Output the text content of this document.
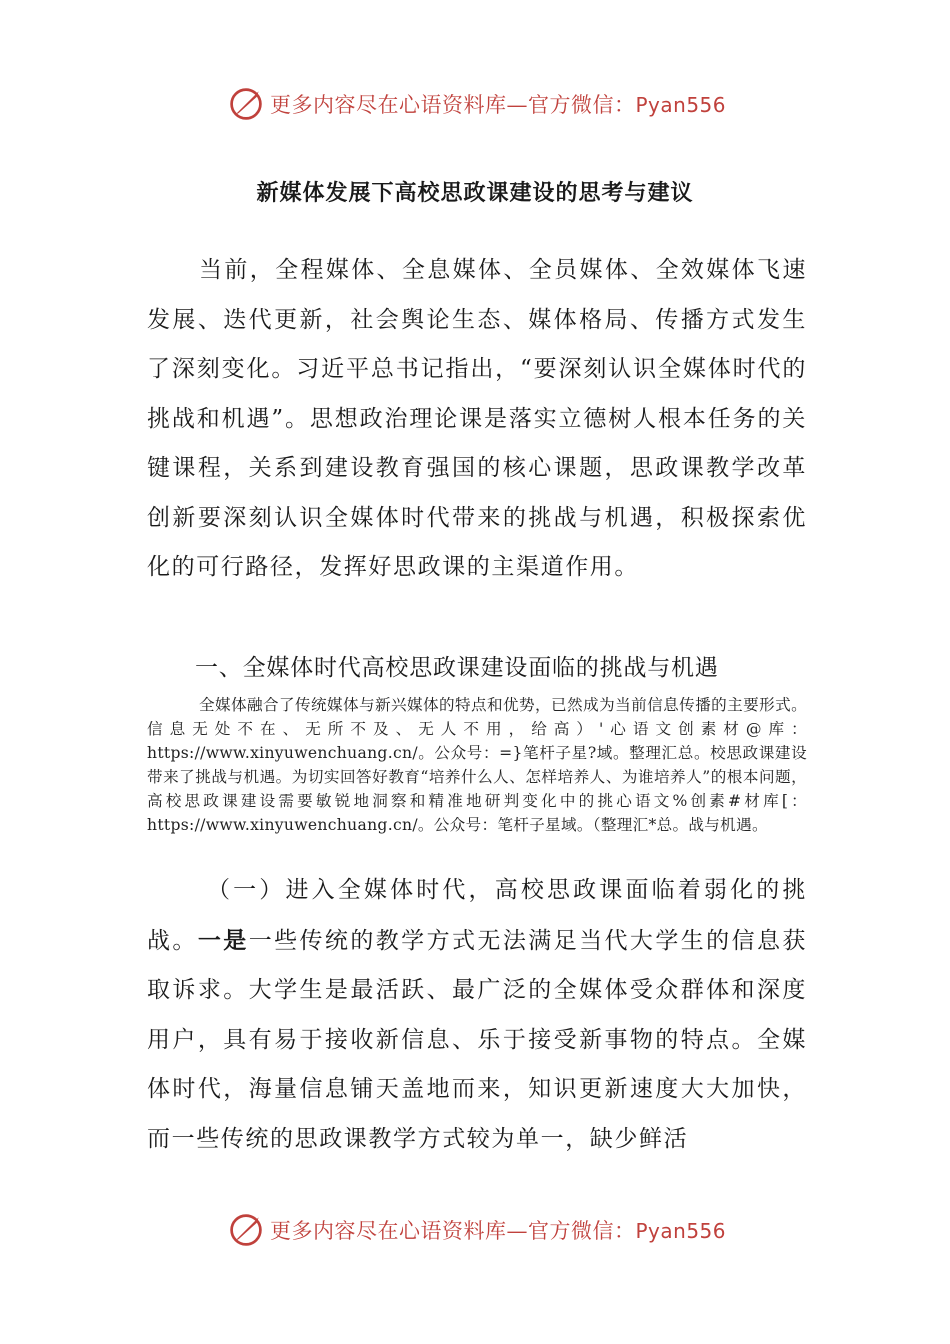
更多内容尽在心语资料库—官方微信：Pyan556
新媒体发展下高校思政课建设的思考与建议

当前，全程媒体、全息媒体、全员媒体、全效媒体飞速发展、迭代更新，社会舆论生态、媒体格局、传播方式发生了深刻变化。习近平总书记指出，“要深刻认识全媒体时代的挑战和机遇”。思想政治理论课是落实立德树人根本任务的关键课程，关系到建设教育强国的核心课题，思政课教学改革创新要深刻认识全媒体时代带来的挑战与机遇，积极探索优化的可行路径，发挥好思政课的主渠道作用。

一、全媒体时代高校思政课建设面临的挑战与机遇

全媒体融合了传统媒体与新兴媒体的特点和优势，已然成为当前信息传播的主要形式。信息无处不在、无所不及、无人不用，给高）'心语文创素材@库：https://www.xinyuwenchuang.cn/。公众号：=}笔杆子星?域。整理汇总。校思政课建设带来了挑战与机遇。为切实回答好教育“培养什么人、怎样培养人、为谁培养人”的根本问题，高校思政课建设需要敏锐地洞察和精准地研判变化中的挑心语文%创素#材库[：https://www.xinyuwenchuang.cn/。公众号：笔杆子星域。（整理汇*总。战与机遇。

（一）进入全媒体时代，高校思政课面临着弱化的挑战。一是一些传统的教学方式无法满足当代大学生的信息获取诉求。大学生是最活跃、最广泛的全媒体受众群体和深度用户，具有易于接收新信息、乐于接受新事物的特点。全媒体时代，海量信息铺天盖地而来，知识更新速度大大加快，而一些传统的思政课教学方式较为单一，缺少鲜活

更多内容尽在心语资料库—官方微信：Pyan556
